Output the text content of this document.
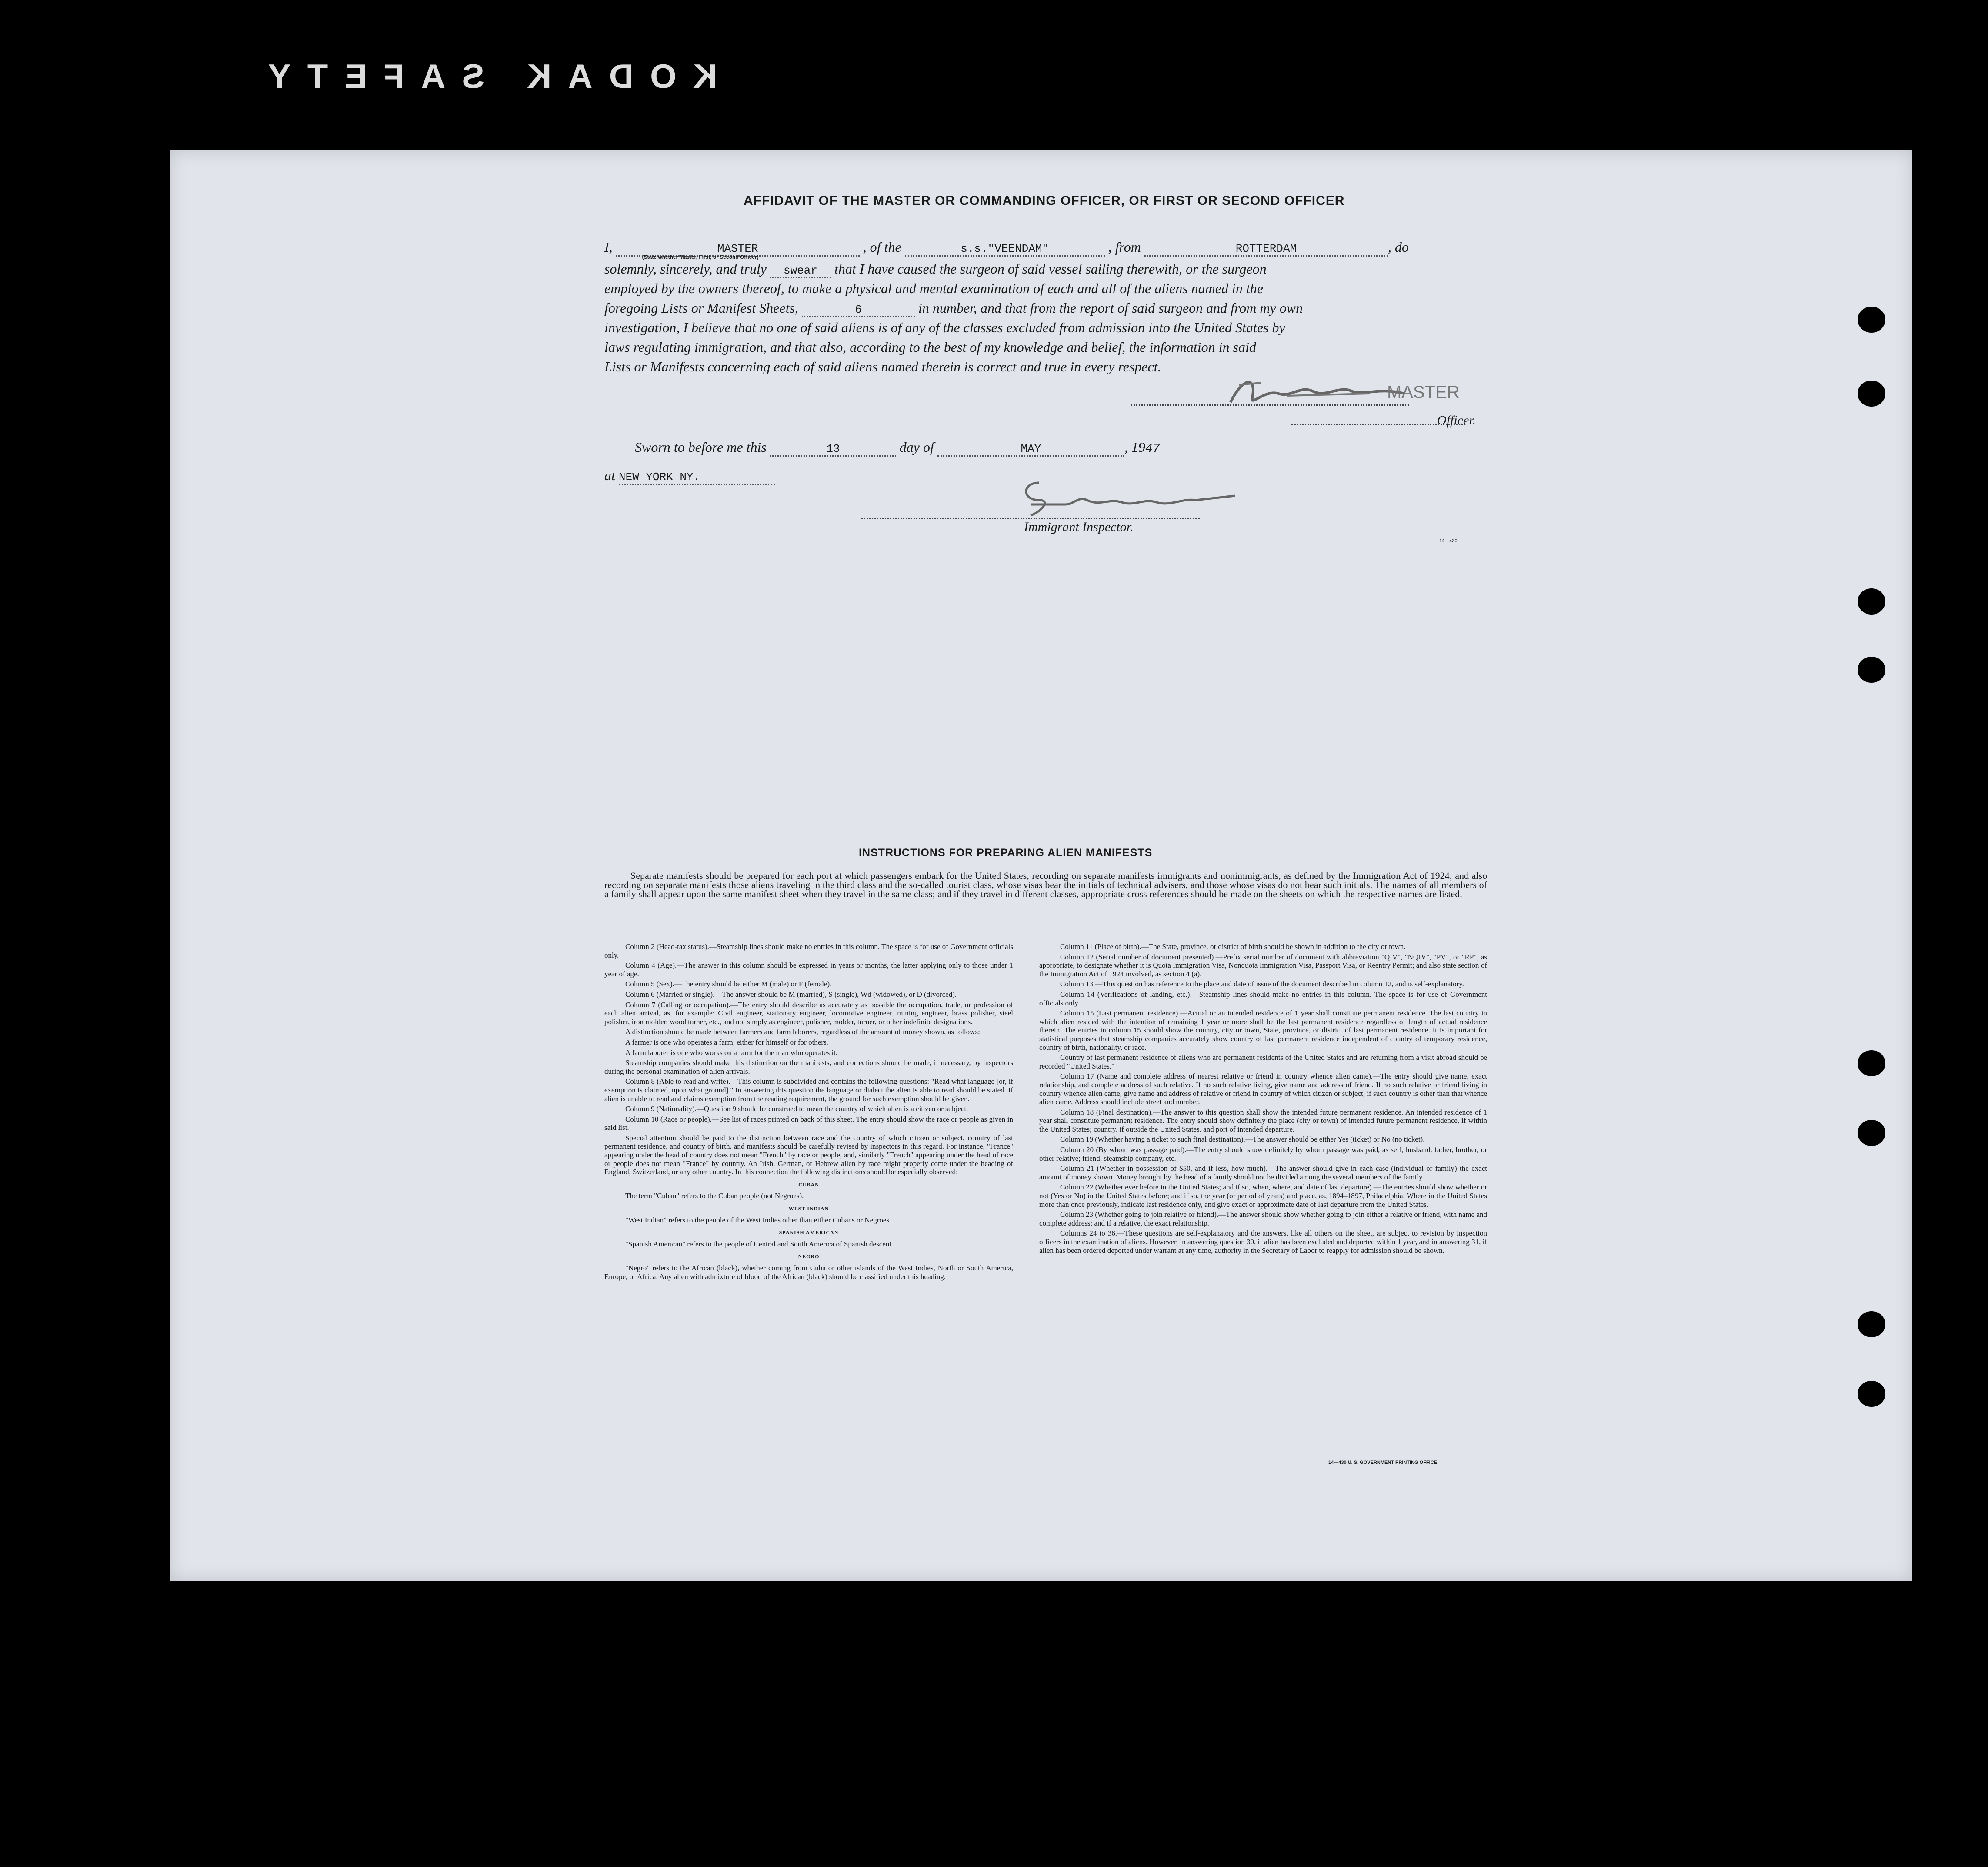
KODAK SAFETY
AFFIDAVIT OF THE MASTER OR COMMANDING OFFICER, OR FIRST OR SECOND OFFICER
I,	MASTER
(State whether Master, First, or Second Officer)
, of the	s.s."VEENDAM"	, from	ROTTERDAM	, do
solemnly, sincerely, and truly swear that I have caused the surgeon of said vessel sailing therewith, or the surgeon
employed by the owners thereof, to make a physical and mental examination of each and all of the aliens named in the
foregoing Lists or Manifest Sheets,	6	in number, and that from the report of said surgeon and from my own
investigation, I believe that no one of said aliens is of any of the classes excluded from admission into the United States by
laws regulating immigration, and that also, according to the best of my knowledge and belief, the information in said
Lists or Manifests concerning each of said aliens named therein is correct and true in every respect.
MASTER
Officer.
Sworn to before me this	13	day of	MAY	, 1947
at NEW YORK NY.
Immigrant Inspector.
14—430
INSTRUCTIONS FOR PREPARING ALIEN MANIFESTS

Separate manifests should be prepared for each port at which passengers embark for the United States, recording on separate manifests immigrants and nonimmigrants, as defined by the Immigration Act of 1924; and also recording on separate manifests those aliens traveling in the third class and the so-called tourist class, whose visas bear the initials of technical advisers, and those whose visas do not bear such initials. The names of all members of a family shall appear upon the same manifest sheet when they travel in the same class; and if they travel in different classes, appropriate cross references should be made on the sheets on which the respective names are listed.

Column 2 (Head-tax status).—Steamship lines should make no entries in this column. The space is for use of Government officials only.

Column 4 (Age).—The answer in this column should be expressed in years or months, the latter applying only to those under 1 year of age.

Column 5 (Sex).—The entry should be either M (male) or F (female).

Column 6 (Married or single).—The answer should be M (married), S (single), Wd (widowed), or D (divorced).

Column 7 (Calling or occupation).—The entry should describe as accurately as possible the occupation, trade, or profession of each alien arrival, as, for example: Civil engineer, stationary engineer, locomotive engineer, mining engineer, brass polisher, steel polisher, iron molder, wood turner, etc., and not simply as engineer, polisher, molder, turner, or other indefinite designations.

A distinction should be made between farmers and farm laborers, regardless of the amount of money shown, as follows:

A farmer is one who operates a farm, either for himself or for others.

A farm laborer is one who works on a farm for the man who operates it.

Steamship companies should make this distinction on the manifests, and corrections should be made, if necessary, by inspectors during the personal examination of alien arrivals.

Column 8 (Able to read and write).—This column is subdivided and contains the following questions: "Read what language [or, if exemption is claimed, upon what ground]." In answering this question the language or dialect the alien is able to read should be stated. If alien is unable to read and claims exemption from the reading requirement, the ground for such exemption should be given.

Column 9 (Nationality).—Question 9 should be construed to mean the country of which alien is a citizen or subject.

Column 10 (Race or people).—See list of races printed on back of this sheet. The entry should show the race or people as given in said list.

Special attention should be paid to the distinction between race and the country of which citizen or subject, country of last permanent residence, and country of birth, and manifests should be carefully revised by inspectors in this regard. For instance, "France" appearing under the head of country does not mean "French" by race or people, and, similarly "French" appearing under the head of race or people does not mean "France" by country. An Irish, German, or Hebrew alien by race might properly come under the heading of England, Switzerland, or any other country. In this connection the following distinctions should be especially observed:

CUBAN

The term "Cuban" refers to the Cuban people (not Negroes).

WEST INDIAN

"West Indian" refers to the people of the West Indies other than either Cubans or Negroes.

SPANISH AMERICAN

"Spanish American" refers to the people of Central and South America of Spanish descent.

NEGRO

"Negro" refers to the African (black), whether coming from Cuba or other islands of the West Indies, North or South America, Europe, or Africa. Any alien with admixture of blood of the African (black) should be classified under this heading.

Column 11 (Place of birth).—The State, province, or district of birth should be shown in addition to the city or town.

Column 12 (Serial number of document presented).—Prefix serial number of document with abbreviation "QIV", "NQIV", "PV", or "RP", as appropriate, to designate whether it is Quota Immigration Visa, Nonquota Immigration Visa, Passport Visa, or Reentry Permit; and also state section of the Immigration Act of 1924 involved, as section 4 (a).

Column 13.—This question has reference to the place and date of issue of the document described in column 12, and is self-explanatory.

Column 14 (Verifications of landing, etc.).—Steamship lines should make no entries in this column. The space is for use of Government officials only.

Column 15 (Last permanent residence).—Actual or an intended residence of 1 year shall constitute permanent residence. The last country in which alien resided with the intention of remaining 1 year or more shall be the last permanent residence regardless of length of actual residence therein. The entries in column 15 should show the country, city or town, State, province, or district of last permanent residence. It is important for statistical purposes that steamship companies accurately show country of last permanent residence independent of country of temporary residence, country of birth, nationality, or race.

Country of last permanent residence of aliens who are permanent residents of the United States and are returning from a visit abroad should be recorded "United States."

Column 17 (Name and complete address of nearest relative or friend in country whence alien came).—The entry should give name, exact relationship, and complete address of such relative. If no such relative living, give name and address of friend. If no such relative or friend living in country whence alien came, give name and address of relative or friend in country of which citizen or subject, if such country is other than that whence alien came. Address should include street and number.

Column 18 (Final destination).—The answer to this question shall show the intended future permanent residence. An intended residence of 1 year shall constitute permanent residence. The entry should show definitely the place (city or town) of intended future permanent residence, if within the United States; country, if outside the United States, and port of intended departure.

Column 19 (Whether having a ticket to such final destination).—The answer should be either Yes (ticket) or No (no ticket).

Column 20 (By whom was passage paid).—The entry should show definitely by whom passage was paid, as self; husband, father, brother, or other relative; friend; steamship company, etc.

Column 21 (Whether in possession of $50, and if less, how much).—The answer should give in each case (individual or family) the exact amount of money shown. Money brought by the head of a family should not be divided among the several members of the family.

Column 22 (Whether ever before in the United States; and if so, when, where, and date of last departure).—The entries should show whether or not (Yes or No) in the United States before; and if so, the year (or period of years) and place, as, 1894–1897, Philadelphia. Where in the United States more than once previously, indicate last residence only, and give exact or approximate date of last departure from the United States.

Column 23 (Whether going to join relative or friend).—The answer should show whether going to join either a relative or friend, with name and complete address; and if a relative, the exact relationship.

Columns 24 to 36.—These questions are self-explanatory and the answers, like all others on the sheet, are subject to revision by inspection officers in the examination of aliens. However, in answering question 30, if alien has been excluded and deported within 1 year, and in answering 31, if alien has been ordered deported under warrant at any time, authority in the Secretary of Labor to reapply for admission should be shown.

14—430 U. S. GOVERNMENT PRINTING OFFICE
